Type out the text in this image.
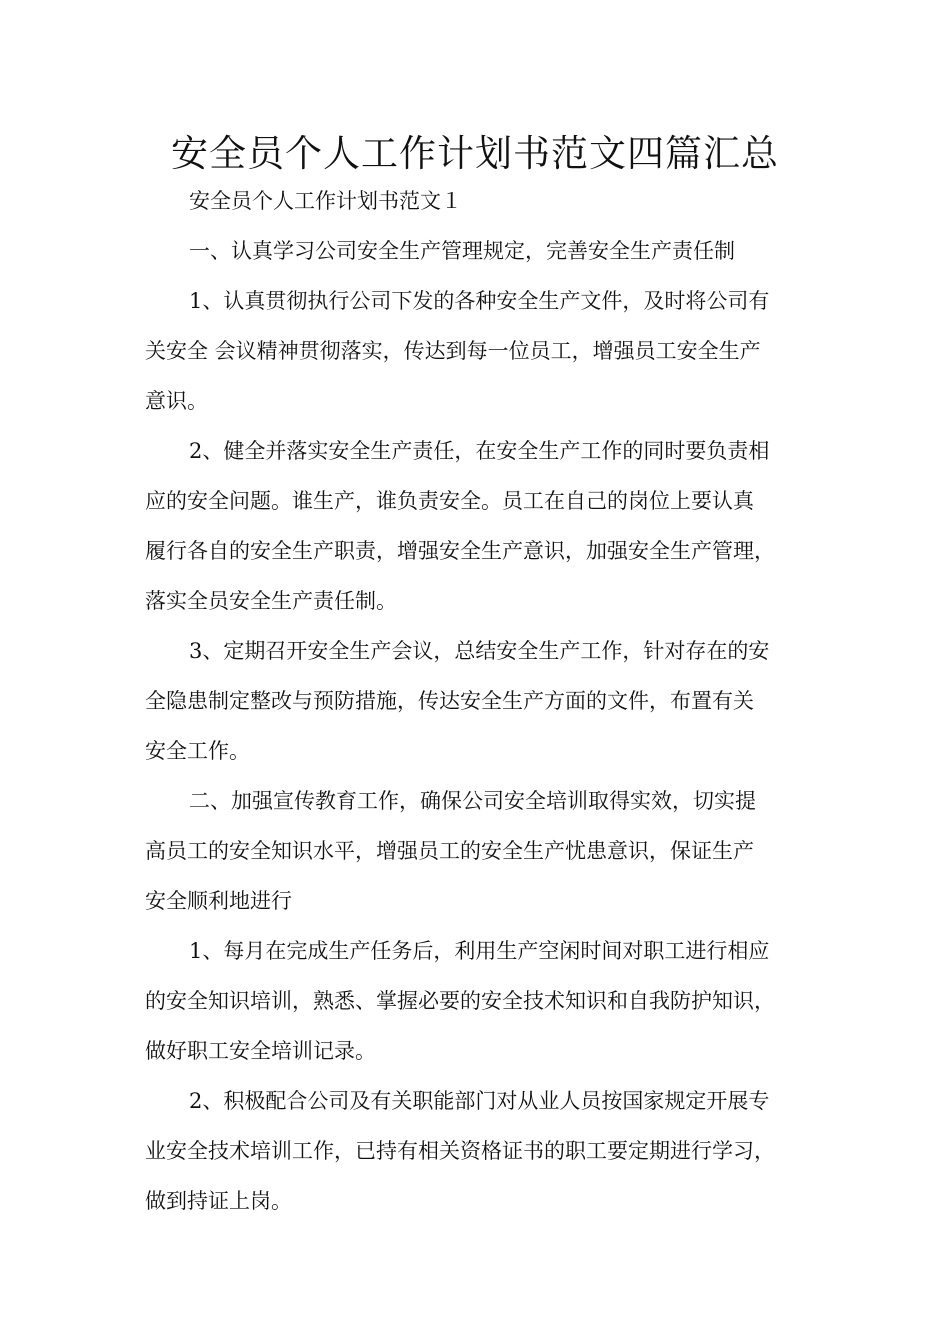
安全员个人工作计划书范文四篇汇总
安全员个人工作计划书范文１
一、认真学习公司安全生产管理规定，完善安全生产责任制
1、认真贯彻执行公司下发的各种安全生产文件，及时将公司有
关安全 会议精神贯彻落实，传达到每一位员工，增强员工安全生产
意识。
2、健全并落实安全生产责任，在安全生产工作的同时要负责相
应的安全问题。谁生产，谁负责安全。员工在自己的岗位上要认真
履行各自的安全生产职责，增强安全生产意识，加强安全生产管理，
落实全员安全生产责任制。
3、定期召开安全生产会议，总结安全生产工作，针对存在的安
全隐患制定整改与预防措施，传达安全生产方面的文件，布置有关
安全工作。
二、加强宣传教育工作，确保公司安全培训取得实效，切实提
高员工的安全知识水平，增强员工的安全生产忧患意识，保证生产
安全顺利地进行
1、每月在完成生产任务后，利用生产空闲时间对职工进行相应
的安全知识培训，熟悉、掌握必要的安全技术知识和自我防护知识，
做好职工安全培训记录。
2、积极配合公司及有关职能部门对从业人员按国家规定开展专
业安全技术培训工作，已持有相关资格证书的职工要定期进行学习，
做到持证上岗。
